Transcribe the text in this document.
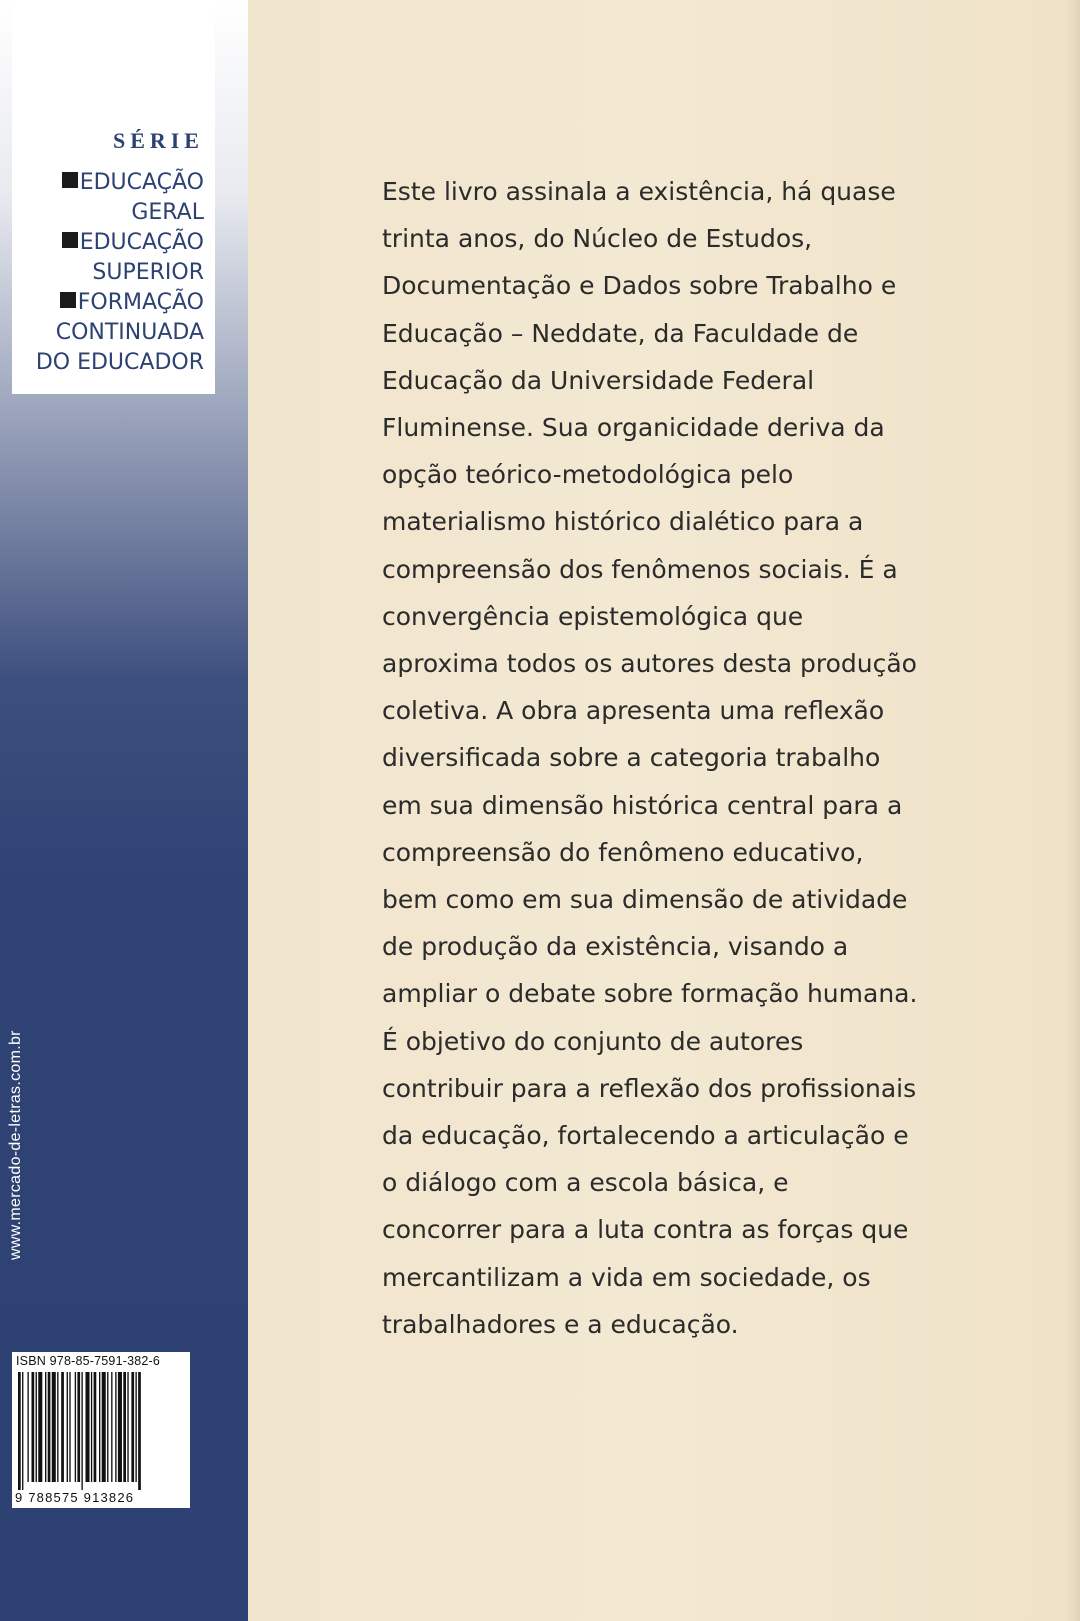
SÉRIE
EDUCAÇÃO
GERAL
EDUCAÇÃO
SUPERIOR
FORMAÇÃO
CONTINUADA
DO EDUCADOR
www.mercado-de-letras.com.br
ISBN 978-85-7591-382-6
9 788575 913826
Este livro assinala a existência, há quase
trinta anos, do Núcleo de Estudos,
Documentação e Dados sobre Trabalho e
Educação – Neddate, da Faculdade de
Educação da Universidade Federal
Fluminense. Sua organicidade deriva da
opção teórico-metodológica pelo
materialismo histórico dialético para a
compreensão dos fenômenos sociais. É a
convergência epistemológica que
aproxima todos os autores desta produção
coletiva. A obra apresenta uma reflexão
diversificada sobre a categoria trabalho
em sua dimensão histórica central para a
compreensão do fenômeno educativo,
bem como em sua dimensão de atividade
de produção da existência, visando a
ampliar o debate sobre formação humana.
É objetivo do conjunto de autores
contribuir para a reflexão dos profissionais
da educação, fortalecendo a articulação e
o diálogo com a escola básica, e
concorrer para a luta contra as forças que
mercantilizam a vida em sociedade, os
trabalhadores e a educação.
